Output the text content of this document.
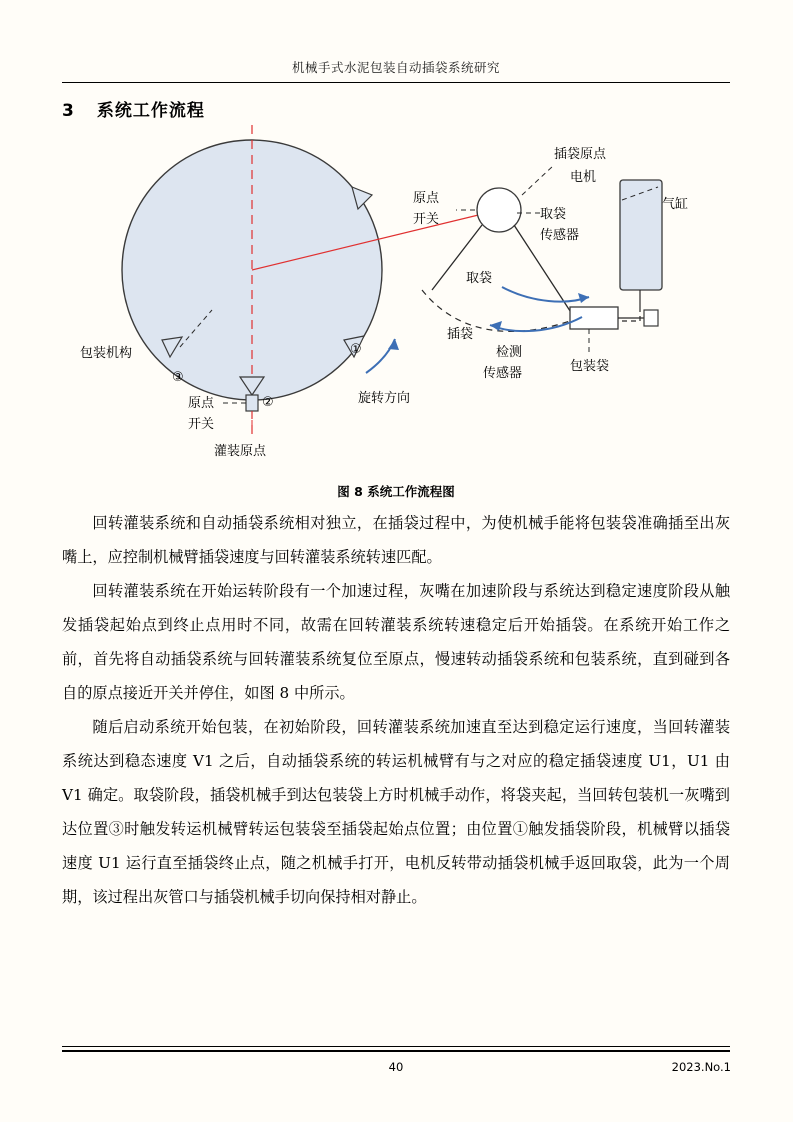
机械手式水泥包装自动插袋系统研究
3 系统工作流程
插袋原点
电机
原点
开关	取袋
传感器
气缸
取袋
插袋
检测
传感器	包装袋
包装机构
原点
开关
灌装原点
旋转方向
①
②
③
图 8 系统工作流程图

回转灌装系统和自动插袋系统相对独立，在插袋过程中，为使机械手能将包装袋准确插至出灰嘴上，应控制机械臂插袋速度与回转灌装系统转速匹配。

回转灌装系统在开始运转阶段有一个加速过程，灰嘴在加速阶段与系统达到稳定速度阶段从触发插袋起始点到终止点用时不同，故需在回转灌装系统转速稳定后开始插袋。在系统开始工作之前，首先将自动插袋系统与回转灌装系统复位至原点，慢速转动插袋系统和包装系统，直到碰到各自的原点接近开关并停住，如图 8 中所示。

随后启动系统开始包装，在初始阶段，回转灌装系统加速直至达到稳定运行速度，当回转灌装系统达到稳态速度 V1 之后，自动插袋系统的转运机械臂有与之对应的稳定插袋速度 U1，U1 由 V1 确定。取袋阶段，插袋机械手到达包装袋上方时机械手动作，将袋夹起，当回转包装机一灰嘴到达位置③时触发转运机械臂转运包装袋至插袋起始点位置；由位置①触发插袋阶段，机械臂以插袋速度 U1 运行直至插袋终止点，随之机械手打开，电机反转带动插袋机械手返回取袋，此为一个周期，该过程出灰管口与插袋机械手切向保持相对静止。

40	2023.No.1
